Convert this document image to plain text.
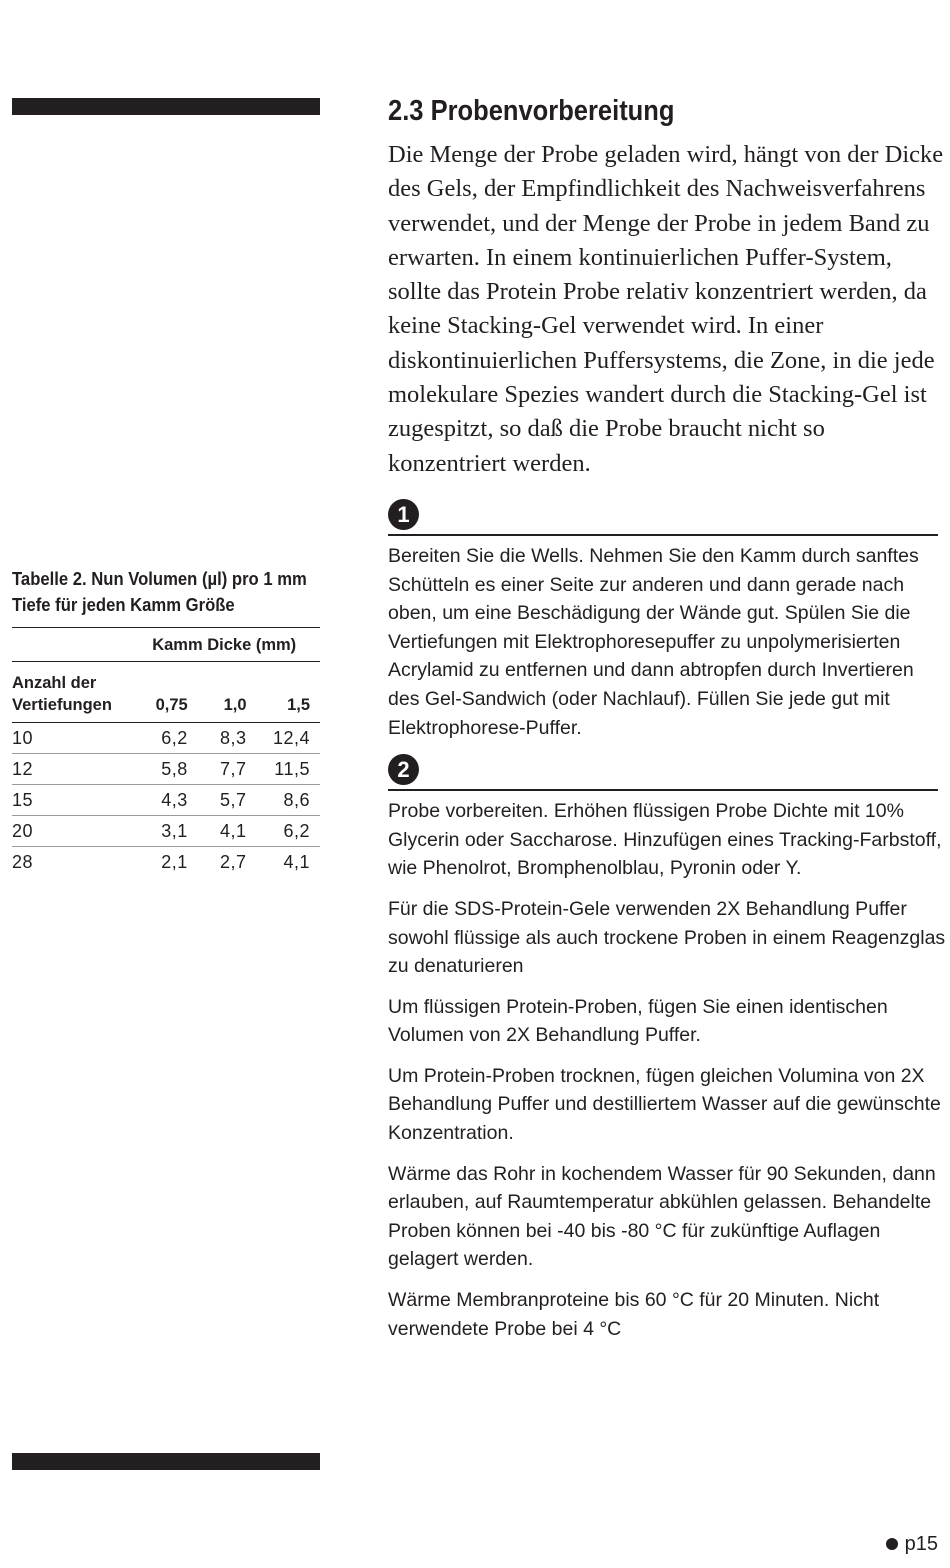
Tabelle 2. Nun Volumen (µl) pro 1 mm Tiefe für jeden Kamm Größe

	Kamm Dicke (mm)		
Anzahl der Vertiefungen	0,75	1,0	1,5
10	6,2	8,3	12,4
12	5,8	7,7	11,5
15	4,3	5,7	8,6
20	3,1	4,1	6,2
28	2,1	2,7	4,1
2.3 Probenvorbereitung

Die Menge der Probe geladen wird, hängt von der Dicke des Gels, der Empfindlichkeit des Nachweisverfahrens verwendet, und der Menge der Probe in jedem Band zu erwarten. In einem kontinuierlichen Puffer-System, sollte das Protein Probe relativ konzentriert werden, da keine Stacking-Gel verwendet wird. In einer diskontinuierlichen Puffersystems, die Zone, in die jede molekulare Spezies wandert durch die Stacking-Gel ist zugespitzt, so daß die Probe braucht nicht so konzentriert werden.

1

Bereiten Sie die Wells. Nehmen Sie den Kamm durch sanftes Schütteln es einer Seite zur anderen und dann gerade nach oben, um eine Beschädigung der Wände gut. Spülen Sie die Vertiefungen mit Elektrophoresepuffer zu unpolymerisierten Acrylamid zu entfernen und dann abtropfen durch Invertieren des Gel-Sandwich (oder Nachlauf). Füllen Sie jede gut mit Elektrophorese-Puffer.

2

Probe vorbereiten. Erhöhen flüssigen Probe Dichte mit 10% Glycerin oder Saccharose. Hinzufügen eines Tracking-Farbstoff, wie Phenolrot, Bromphenolblau, Pyronin oder Y.

Für die SDS-Protein-Gele verwenden 2X Behandlung Puffer sowohl flüssige als auch trockene Proben in einem Reagenzglas zu denaturieren

Um flüssigen Protein-Proben, fügen Sie einen identischen Volumen von 2X Behandlung Puffer.

Um Protein-Proben trocknen, fügen gleichen Volumina von 2X Behandlung Puffer und destilliertem Wasser auf die gewünschte Konzentration.

Wärme das Rohr in kochendem Wasser für 90 Sekunden, dann erlauben, auf Raumtemperatur abkühlen gelassen. Behandelte Proben können bei -40 bis -80 °C für zukünftige Auflagen gelagert werden.

Wärme Membranproteine bis 60 °C für 20 Minuten. Nicht verwendete Probe bei 4 °C

p15
